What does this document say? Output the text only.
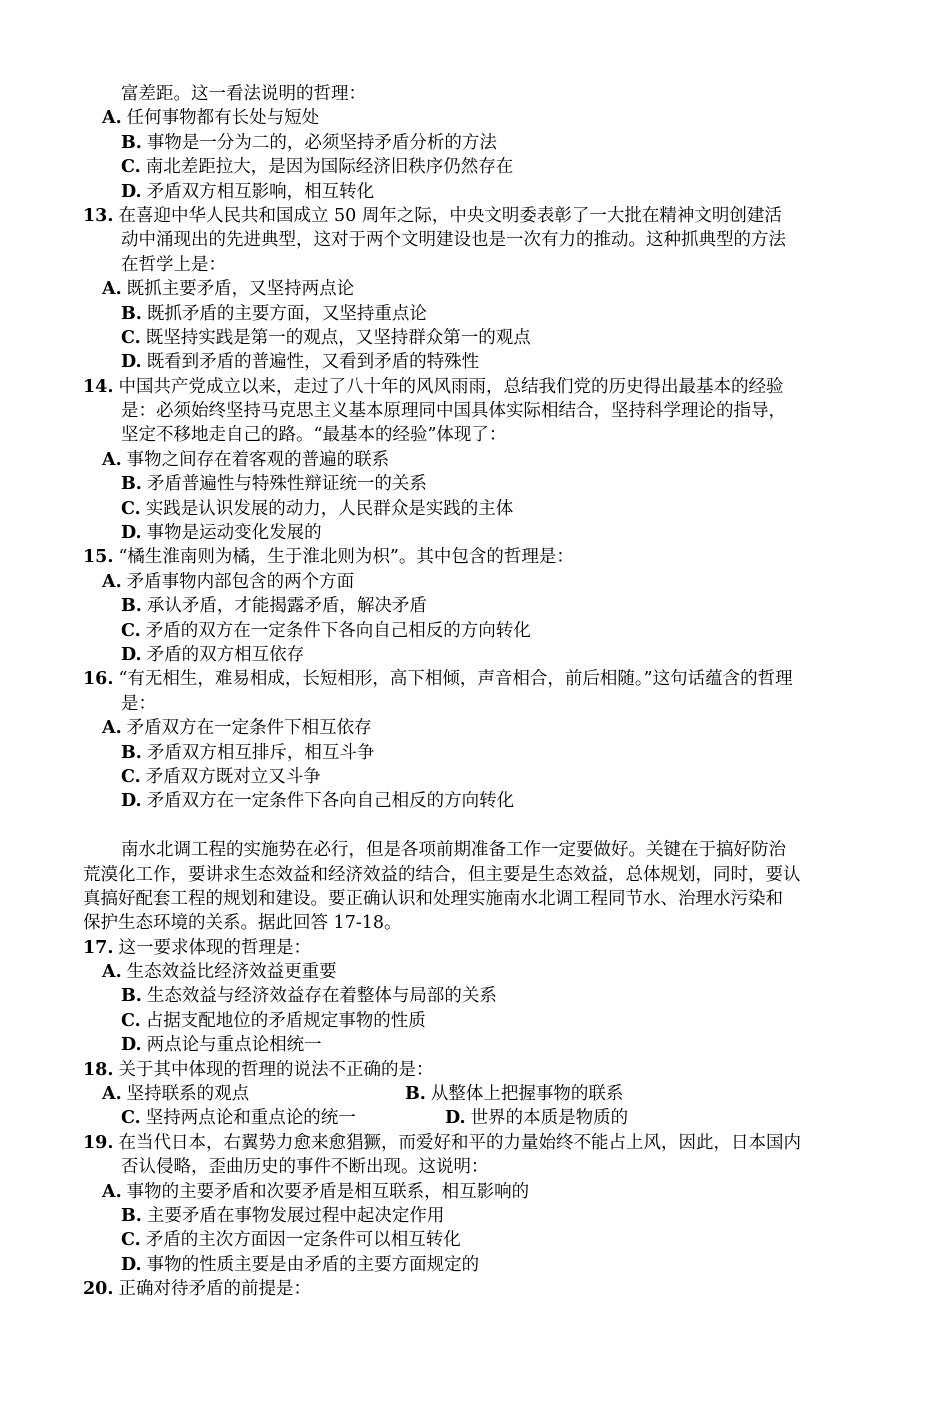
富差距。这一看法说明的哲理：
A. 任何事物都有长处与短处
B. 事物是一分为二的，必须坚持矛盾分析的方法
C. 南北差距拉大，是因为国际经济旧秩序仍然存在
D. 矛盾双方相互影响，相互转化
13. 在喜迎中华人民共和国成立 50 周年之际，中央文明委表彰了一大批在精神文明创建活
动中涌现出的先进典型，这对于两个文明建设也是一次有力的推动。这种抓典型的方法
在哲学上是：
A. 既抓主要矛盾，又坚持两点论
B. 既抓矛盾的主要方面，又坚持重点论
C. 既坚持实践是第一的观点，又坚持群众第一的观点
D. 既看到矛盾的普遍性，又看到矛盾的特殊性
14. 中国共产党成立以来，走过了八十年的风风雨雨，总结我们党的历史得出最基本的经验
是：必须始终坚持马克思主义基本原理同中国具体实际相结合，坚持科学理论的指导，
坚定不移地走自己的路。“最基本的经验”体现了：
A. 事物之间存在着客观的普遍的联系
B. 矛盾普遍性与特殊性辩证统一的关系
C. 实践是认识发展的动力，人民群众是实践的主体
D. 事物是运动变化发展的
15. “橘生淮南则为橘，生于淮北则为枳”。其中包含的哲理是：
A. 矛盾事物内部包含的两个方面
B. 承认矛盾，才能揭露矛盾，解决矛盾
C. 矛盾的双方在一定条件下各向自己相反的方向转化
D. 矛盾的双方相互依存
16. “有无相生，难易相成，长短相形，高下相倾，声音相合，前后相随。”这句话蕴含的哲理
是：
A. 矛盾双方在一定条件下相互依存
B. 矛盾双方相互排斥，相互斗争
C. 矛盾双方既对立又斗争
D. 矛盾双方在一定条件下各向自己相反的方向转化
南水北调工程的实施势在必行，但是各项前期准备工作一定要做好。关键在于搞好防治
荒漠化工作，要讲求生态效益和经济效益的结合，但主要是生态效益，总体规划，同时，要认
真搞好配套工程的规划和建设。要正确认识和处理实施南水北调工程同节水、治理水污染和
保护生态环境的关系。据此回答 17-18。
17. 这一要求体现的哲理是：
A. 生态效益比经济效益更重要
B. 生态效益与经济效益存在着整体与局部的关系
C. 占据支配地位的矛盾规定事物的性质
D. 两点论与重点论相统一
18. 关于其中体现的哲理的说法不正确的是：
A. 坚持联系的观点	B. 从整体上把握事物的联系
C. 坚持两点论和重点论的统一	D. 世界的本质是物质的
19. 在当代日本，右翼势力愈来愈猖獗，而爱好和平的力量始终不能占上风，因此，日本国内
否认侵略，歪曲历史的事件不断出现。这说明：
A. 事物的主要矛盾和次要矛盾是相互联系，相互影响的
B. 主要矛盾在事物发展过程中起决定作用
C. 矛盾的主次方面因一定条件可以相互转化
D. 事物的性质主要是由矛盾的主要方面规定的
20. 正确对待矛盾的前提是：
